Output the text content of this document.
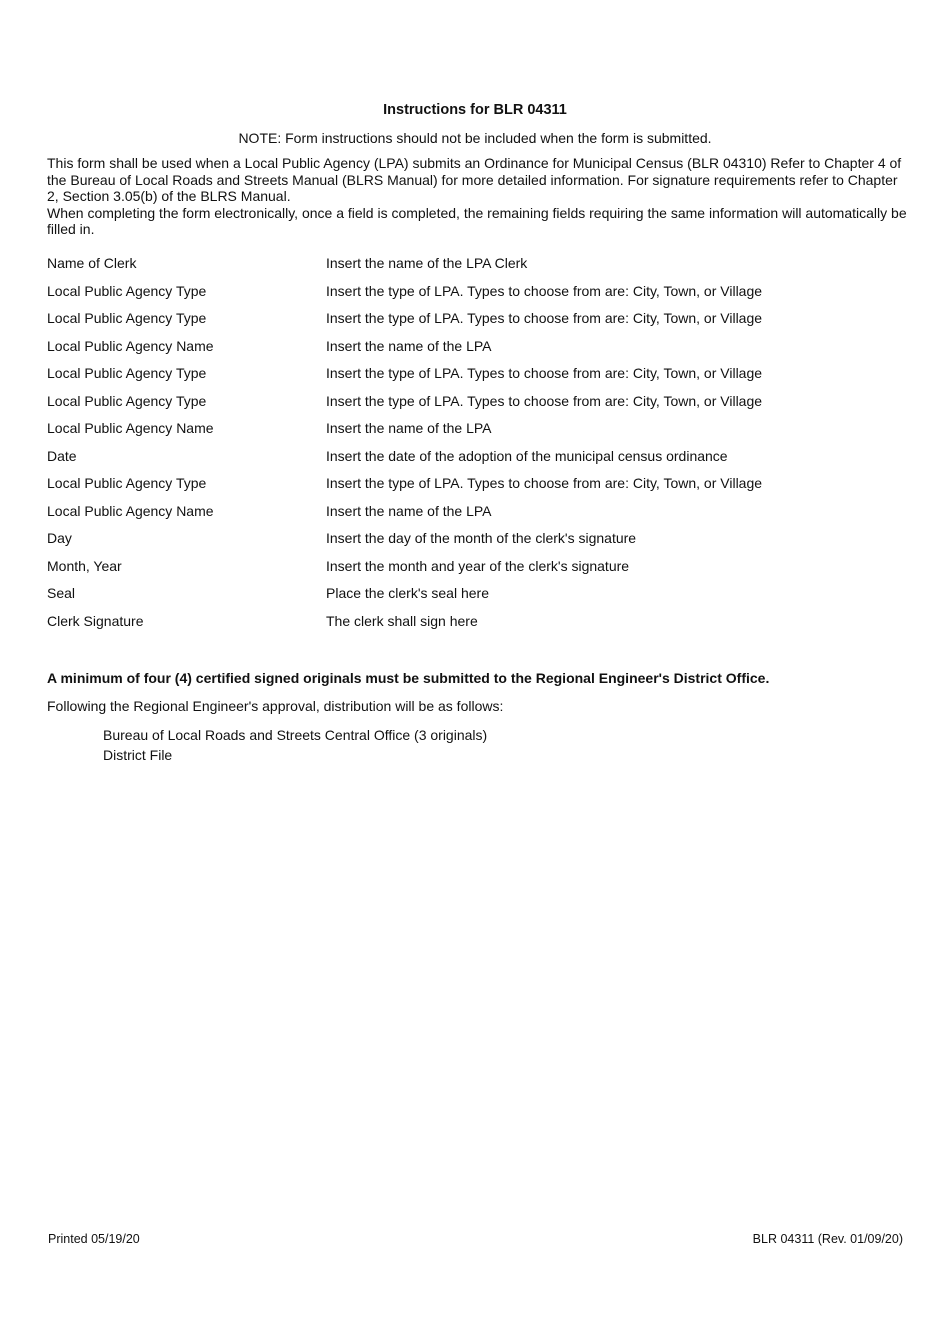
Instructions for BLR 04311
NOTE: Form instructions should not be included when the form is submitted.

This form shall be used when a Local Public Agency (LPA) submits an Ordinance for Municipal Census (BLR 04310) Refer to Chapter 4 of the Bureau of Local Roads and Streets Manual (BLRS Manual) for more detailed information. For signature requirements refer to Chapter 2, Section 3.05(b) of the BLRS Manual.

When completing the form electronically, once a field is completed, the remaining fields requiring the same information will automatically be filled in.

Name of Clerk	Insert the name of the LPA Clerk
Local Public Agency Type	Insert the type of LPA. Types to choose from are: City, Town, or Village
Local Public Agency Type	Insert the type of LPA. Types to choose from are: City, Town, or Village
Local Public Agency Name	Insert the name of the LPA
Local Public Agency Type	Insert the type of LPA. Types to choose from are: City, Town, or Village
Local Public Agency Type	Insert the type of LPA. Types to choose from are: City, Town, or Village
Local Public Agency Name	Insert the name of the LPA
Date	Insert the date of the adoption of the municipal census ordinance
Local Public Agency Type	Insert the type of LPA. Types to choose from are: City, Town, or Village
Local Public Agency Name	Insert the name of the LPA
Day	Insert the day of the month of the clerk's signature
Month, Year	Insert the month and year of the clerk's signature
Seal	Place the clerk's seal here
Clerk Signature	The clerk shall sign here
A minimum of four (4) certified signed originals must be submitted to the Regional Engineer's District Office.
Following the Regional Engineer's approval, distribution will be as follows:
Bureau of Local Roads and Streets Central Office (3 originals)
District File
Printed 05/19/20	BLR 04311 (Rev. 01/09/20)
